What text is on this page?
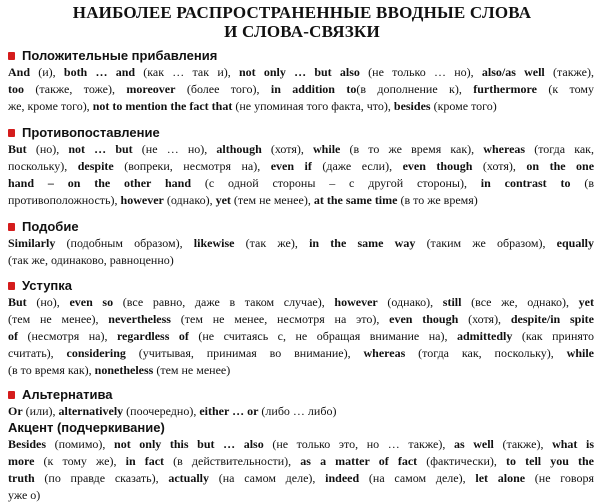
НАИБОЛЕЕ РАСПРОСТРАНЕННЫЕ ВВОДНЫЕ СЛОВА
И СЛОВА-СВЯЗКИ
Положительные прибавления
And (и), both … and (как … так и), not only … but also (не только … но), also/as well (также),
too (также, тоже), moreover (более того), in addition to(в дополнение к), furthermore (к тому
же, кроме того), not to mention the fact that (не упоминая того факта, что), besides (кроме того)
Противопоставление
But (но), not … but (не … но), although (хотя), while (в то же время как), whereas (тогда как,
поскольку), despite (вопреки, несмотря на), even if (даже если), even though (хотя), on the one
hand – on the other hand (с одной стороны – с другой стороны), in contrast to (в
противоположность), however (однако), yet (тем не менее), at the same time (в то же время)
Подобие
Similarly (подобным образом), likewise (так же), in the same way (таким же образом), equally
(так же, одинаково, равноценно)
Уступка
But (но), even so (все равно, даже в таком случае), however (однако), still (все же, однако), yet
(тем не менее), nevertheless (тем не менее, несмотря на это), even though (хотя), despite/in spite
of (несмотря на), regardless of (не считаясь с, не обращая внимание на), admittedly (как принято
считать), considering (учитывая, принимая во внимание), whereas (тогда как, поскольку), while
(в то время как), nonetheless (тем не менее)
Альтернатива
Or (или), alternatively (поочередно), either … or (либо … либо)
Акцент (подчеркивание)
Besides (помимо), not only this but … also (не только это, но … также), as well (также), what is
more (к тому же), in fact (в действительности), as a matter of fact (фактически), to tell you the
truth (по правде сказать), actually (на самом деле), indeed (на самом деле), let alone (не говоря
уже о)
